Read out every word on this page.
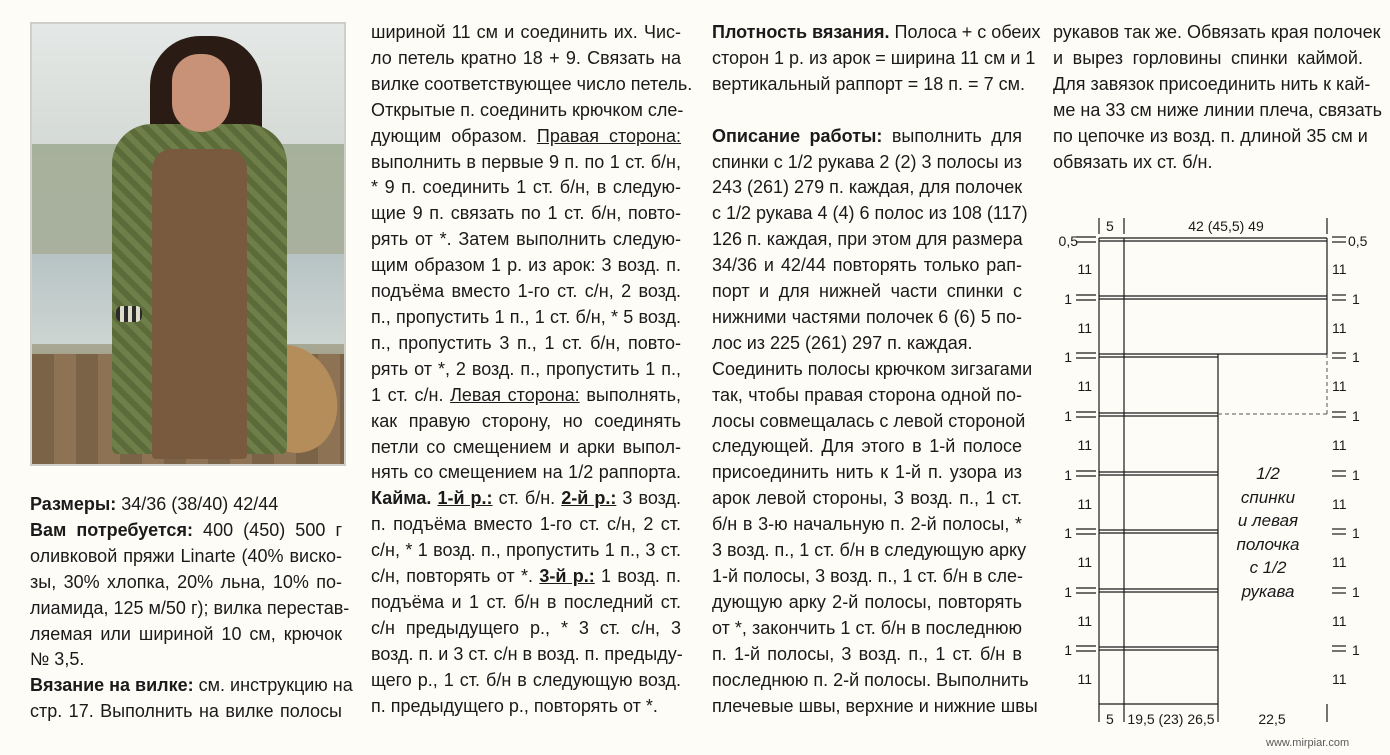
Размеры: 34/36 (38/40) 42/44
Вам потребуется: 400 (450) 500 г
оливковой пряжи Linarte (40% вискo-
зы, 30% хлопка, 20% льна, 10% по-
лиамида, 125 м/50 г); вилка перестав-
ляемая или шириной 10 см, крючок
№ 3,5.
Вязание на вилке: см. инструкцию на
стр. 17. Выполнить на вилке полосы
шириной 11 см и соединить их. Чис-
ло петель кратно 18 + 9. Связать на
вилке соответствующее число петель.
Открытые п. соединить крючком сле-
дующим образом. Правая сторона:
выполнить в первые 9 п. по 1 ст. б/н,
* 9 п. соединить 1 ст. б/н, в следую-
щие 9 п. связать по 1 ст. б/н, повто-
рять от *. Затем выполнить следую-
щим образом 1 р. из арок: 3 возд. п.
подъёма вместо 1-го ст. с/н, 2 возд.
п., пропустить 1 п., 1 ст. б/н, * 5 возд.
п., пропустить 3 п., 1 ст. б/н, повто-
рять от *, 2 возд. п., пропустить 1 п.,
1 ст. с/н. Левая сторона: выполнять,
как правую сторону, но соединять
петли со смещением и арки выпол-
нять со смещением на 1/2 раппорта.
Кайма. 1-й р.: ст. б/н. 2-й р.: 3 возд.
п. подъёма вместо 1-го ст. с/н, 2 ст.
с/н, * 1 возд. п., пропустить 1 п., 3 ст.
с/н, повторять от *. 3-й р.: 1 возд. п.
подъёма и 1 ст. б/н в последний ст.
с/н предыдущего р., * 3 ст. с/н, 3
возд. п. и 3 ст. с/н в возд. п. предыду-
щего р., 1 ст. б/н в следующую возд.
п. предыдущего р., повторять от *.
Плотность вязания. Полоса + с обеих
сторон 1 р. из арок = ширина 11 см и 1
вертикальный раппорт = 18 п. = 7 см.
Описание работы: выполнить для
спинки с 1/2 рукава 2 (2) 3 полосы из
243 (261) 279 п. каждая, для полочек
с 1/2 рукава 4 (4) 6 полос из 108 (117)
126 п. каждая, при этом для размера
34/36 и 42/44 повторять только рап-
порт и для нижней части спинки с
нижними частями полочек 6 (6) 5 по-
лос из 225 (261) 297 п. каждая.
Соединить полосы крючком зигзагами
так, чтобы правая сторона одной по-
лосы совмещалась с левой стороной
следующей. Для этого в 1-й полосе
присоединить нить к 1-й п. узора из
арок левой стороны, 3 возд. п., 1 ст.
б/н в 3-ю начальную п. 2-й полосы, *
3 возд. п., 1 ст. б/н в следующую арку
1-й полосы, 3 возд. п., 1 ст. б/н в сле-
дующую арку 2-й полосы, повторять
от *, закончить 1 ст. б/н в последнюю
п. 1-й полосы, 3 возд. п., 1 ст. б/н в
последнюю п. 2-й полосы. Выполнить
плечевые швы, верхние и нижние швы
рукавов так же. Обвязать края полочек
и вырез горловины спинки каймой.
Для завязок присоединить нить к кай-
ме на 33 см ниже линии плеча, связать
по цепочке из возд. п. длиной 35 см и
обвязать их ст. б/н.
5	42 (45,5) 49
0,5	0,5
11
1
11
1
11
1
11
1
11
1
11
1
11
1
11
11
1
11
1
11
1
11
1
11
1
11
1
11
1
11
5 19,5 (23) 26,5	22,5
1/2
спинки
и левая
полочка
с 1/2
рукава
www.mirpiar.com
